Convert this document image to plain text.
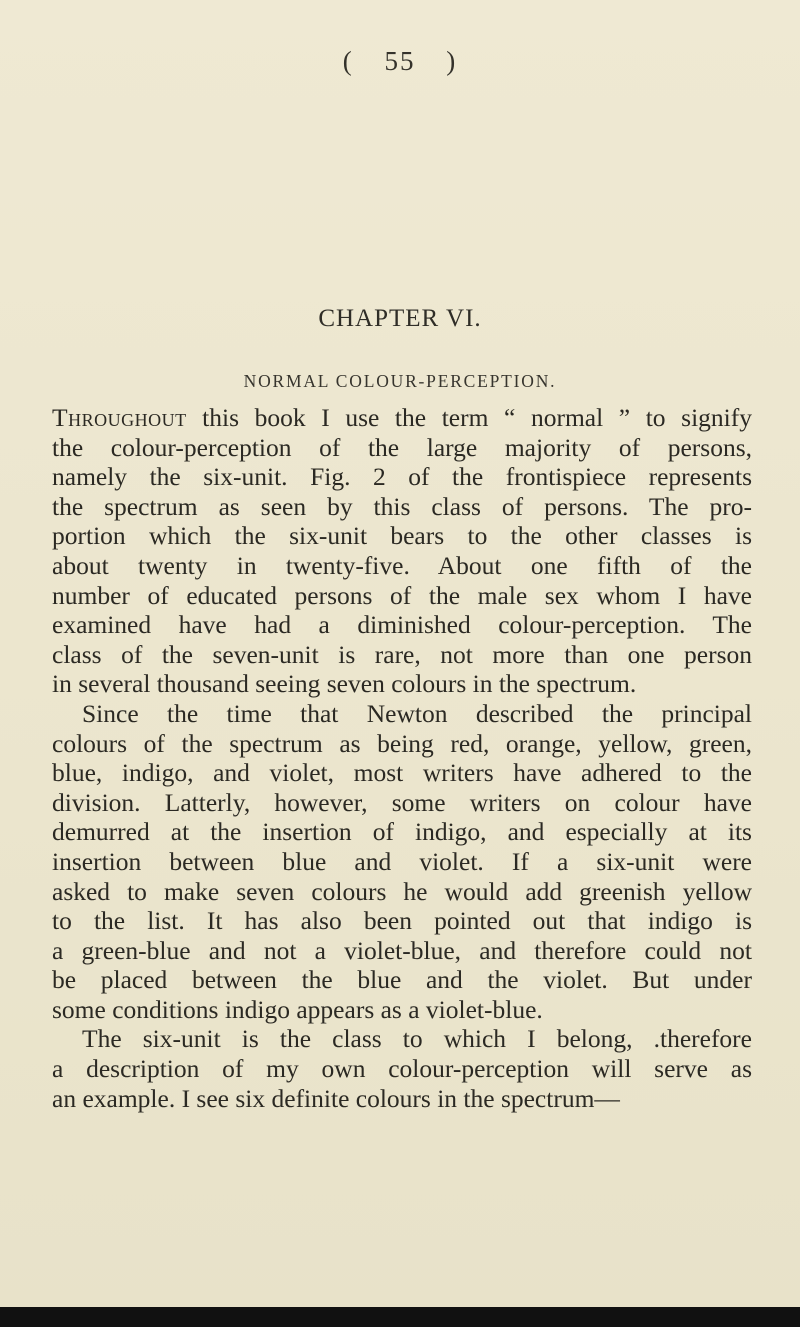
( 55 )
CHAPTER VI.
NORMAL COLOUR-PERCEPTION.
Throughout this book I use the term “ normal ” to signify
the colour-perception of the large majority of persons,
namely the six-unit. Fig. 2 of the frontispiece represents
the spectrum as seen by this class of persons. The pro-
portion which the six-unit bears to the other classes is
about twenty in twenty-five. About one fifth of the
number of educated persons of the male sex whom I have
examined have had a diminished colour-perception. The
class of the seven-unit is rare, not more than one person
in several thousand seeing seven colours in the spectrum.
Since the time that Newton described the principal
colours of the spectrum as being red, orange, yellow, green,
blue, indigo, and violet, most writers have adhered to the
division. Latterly, however, some writers on colour have
demurred at the insertion of indigo, and especially at its
insertion between blue and violet. If a six-unit were
asked to make seven colours he would add greenish yellow
to the list. It has also been pointed out that indigo is
a green-blue and not a violet-blue, and therefore could not
be placed between the blue and the violet. But under
some conditions indigo appears as a violet-blue.
The six-unit is the class to which I belong, .therefore
a description of my own colour-perception will serve as
an example. I see six definite colours in the spectrum—
